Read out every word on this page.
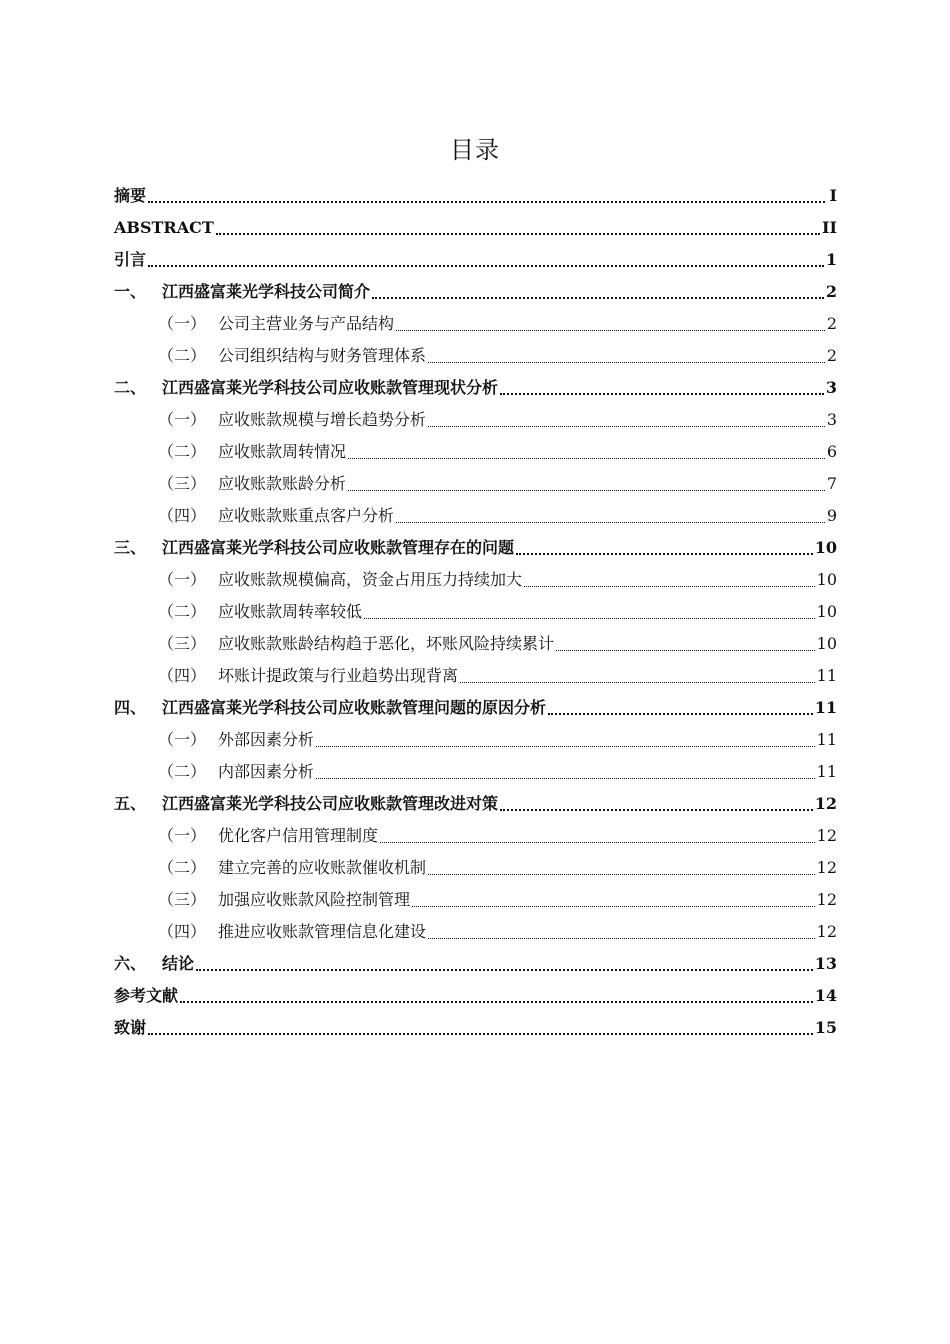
目录
摘要	I
ABSTRACT	II
引言	1
一、 江西盛富莱光学科技公司简介	2
（一） 公司主营业务与产品结构	2
（二） 公司组织结构与财务管理体系	2
二、 江西盛富莱光学科技公司应收账款管理现状分析	3
（一） 应收账款规模与增长趋势分析	3
（二） 应收账款周转情况	6
（三） 应收账款账龄分析	7
（四） 应收账款账重点客户分析	9
三、 江西盛富莱光学科技公司应收账款管理存在的问题	10
（一） 应收账款规模偏高，资金占用压力持续加大	10
（二） 应收账款周转率较低	10
（三） 应收账款账龄结构趋于恶化，坏账风险持续累计	10
（四） 坏账计提政策与行业趋势出现背离	11
四、 江西盛富莱光学科技公司应收账款管理问题的原因分析	11
（一） 外部因素分析	11
（二） 内部因素分析	11
五、 江西盛富莱光学科技公司应收账款管理改进对策	12
（一） 优化客户信用管理制度	12
（二） 建立完善的应收账款催收机制	12
（三） 加强应收账款风险控制管理	12
（四） 推进应收账款管理信息化建设	12
六、 结论	13
参考文献	14
致谢	15
